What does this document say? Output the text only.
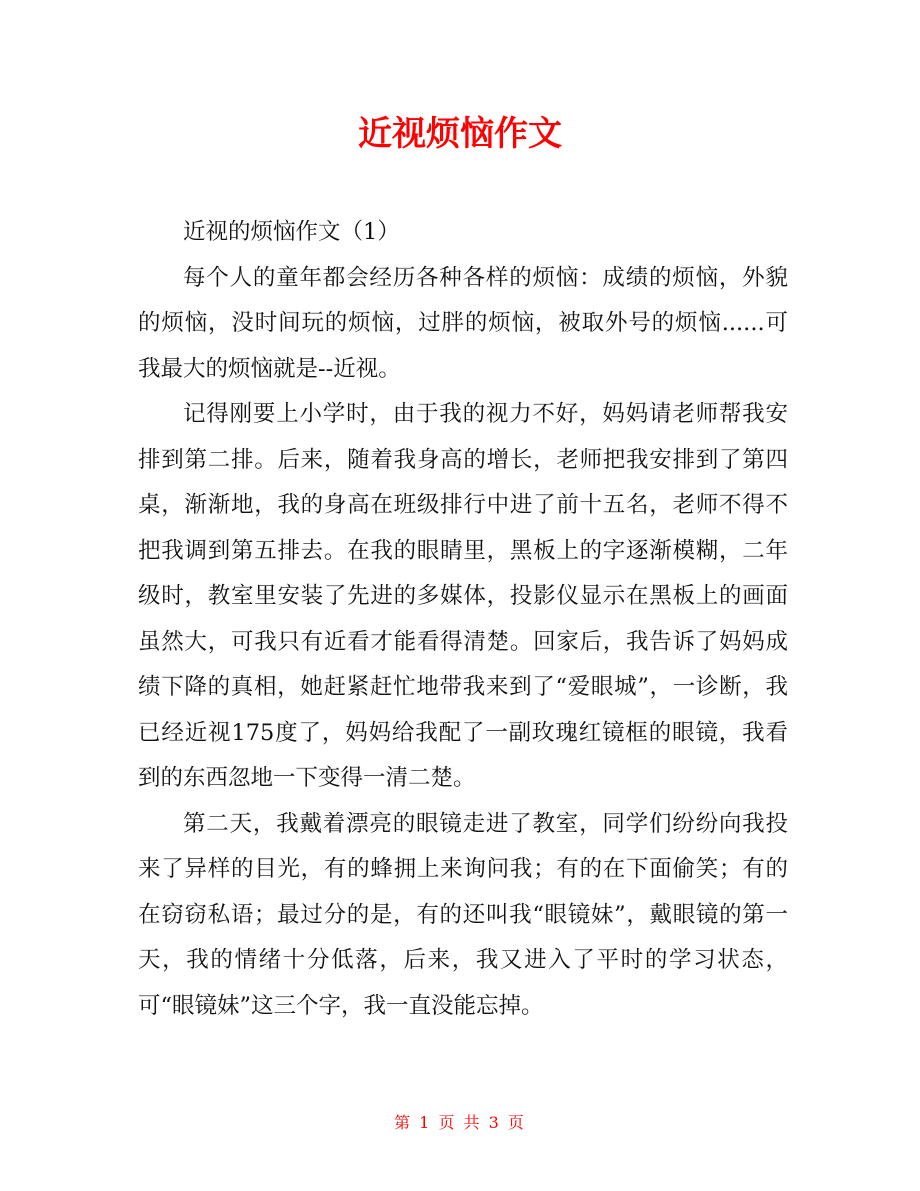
近视烦恼作文

近视的烦恼作文（1）

每个人的童年都会经历各种各样的烦恼：成绩的烦恼，外貌的烦恼，没时间玩的烦恼，过胖的烦恼，被取外号的烦恼......可我最大的烦恼就是--近视。

记得刚要上小学时，由于我的视力不好，妈妈请老师帮我安排到第二排。后来，随着我身高的增长，老师把我安排到了第四桌，渐渐地，我的身高在班级排行中进了前十五名，老师不得不把我调到第五排去。在我的眼睛里，黑板上的字逐渐模糊，二年级时，教室里安装了先进的多媒体，投影仪显示在黑板上的画面虽然大，可我只有近看才能看得清楚。回家后，我告诉了妈妈成绩下降的真相，她赶紧赶忙地带我来到了“爱眼城”，一诊断，我已经近视175度了，妈妈给我配了一副玫瑰红镜框的眼镜，我看到的东西忽地一下变得一清二楚。

第二天，我戴着漂亮的眼镜走进了教室，同学们纷纷向我投来了异样的目光，有的蜂拥上来询问我；有的在下面偷笑；有的在窃窃私语；最过分的是，有的还叫我“眼镜妹”，戴眼镜的第一天，我的情绪十分低落，后来，我又进入了平时的学习状态，可“眼镜妹”这三个字，我一直没能忘掉。

第 1 页 共 3 页
